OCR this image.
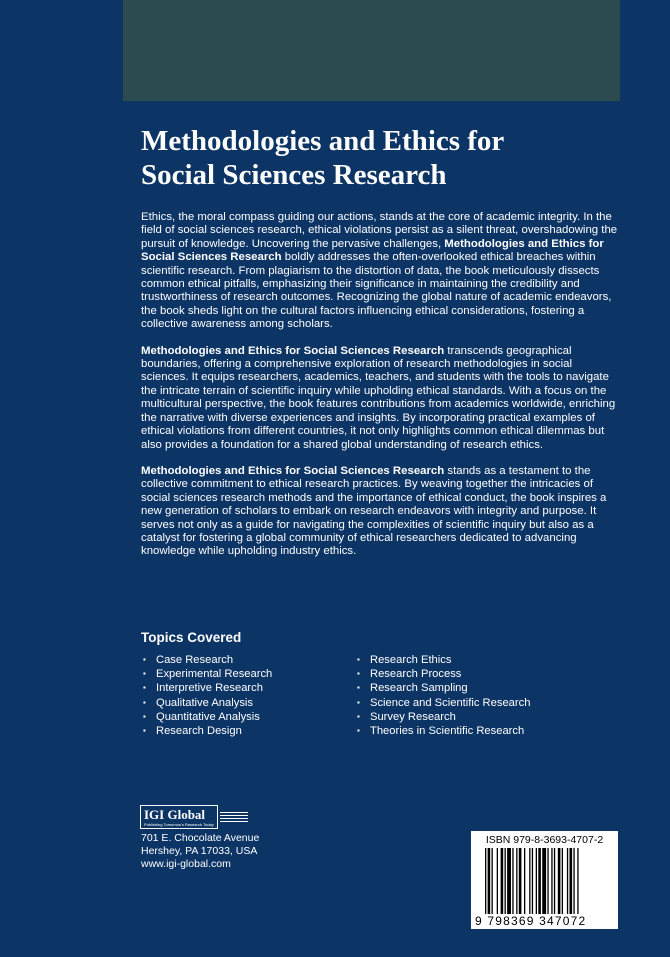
Methodologies and Ethics for
Social Sciences Research

Ethics, the moral compass guiding our actions, stands at the core of academic integrity. In the field of social sciences research, ethical violations persist as a silent threat, overshadowing the pursuit of knowledge. Uncovering the pervasive challenges, Methodologies and Ethics for Social Sciences Research boldly addresses the often-overlooked ethical breaches within scientific research. From plagiarism to the distortion of data, the book meticulously dissects common ethical pitfalls, emphasizing their significance in maintaining the credibility and trustworthiness of research outcomes. Recognizing the global nature of academic endeavors, the book sheds light on the cultural factors influencing ethical considerations, fostering a collective awareness among scholars.

Methodologies and Ethics for Social Sciences Research transcends geographical boundaries, offering a comprehensive exploration of research methodologies in social sciences. It equips researchers, academics, teachers, and students with the tools to navigate the intricate terrain of scientific inquiry while upholding ethical standards. With a focus on the multicultural perspective, the book features contributions from academics worldwide, enriching the narrative with diverse experiences and insights. By incorporating practical examples of ethical violations from different countries, it not only highlights common ethical dilemmas but also provides a foundation for a shared global understanding of research ethics.

Methodologies and Ethics for Social Sciences Research stands as a testament to the collective commitment to ethical research practices. By weaving together the intricacies of social sciences research methods and the importance of ethical conduct, the book inspires a new generation of scholars to embark on research endeavors with integrity and purpose. It serves not only as a guide for navigating the complexities of scientific inquiry but also as a catalyst for fostering a global community of ethical researchers dedicated to advancing knowledge while upholding industry ethics.

Topics Covered
▪ Case Research
▪ Experimental Research
▪ Interpretive Research
▪ Qualitative Analysis
▪ Quantitative Analysis
▪ Research Design
▪ Research Ethics
▪ Research Process
▪ Research Sampling
▪ Science and Scientific Research
▪ Survey Research
▪ Theories in Scientific Research
IGI Global
Publishing Tomorrow's Research Today
701 E. Chocolate Avenue
Hershey, PA 17033, USA
www.igi-global.com
ISBN 979-8-3693-4707-2
9 798369 347072
